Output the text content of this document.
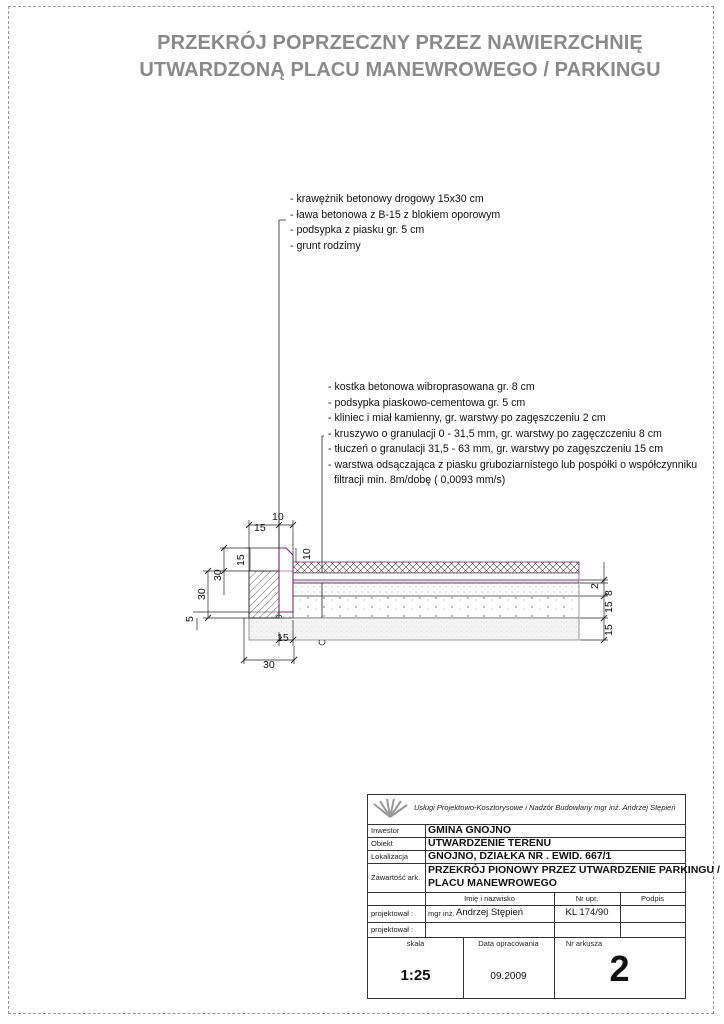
PRZEKRÓJ POPRZECZNY PRZEZ NAWIERZCHNIĘ
UTWARDZONĄ PLACU MANEWROWEGO / PARKINGU
- krawężnik betonowy drogowy 15x30 cm
- ława betonowa z B-15 z blokiem oporowym
- podsypka z piasku gr. 5 cm
- grunt rodzimy
- kostka betonowa wibroprasowana gr. 8 cm
- podsypka piaskowo-cementowa gr. 5 cm
- kliniec i miał kamienny, gr. warstwy po zagęszczeniu 2 cm
- kruszywo o granulacji 0 - 31,5 mm, gr. warstwy po zagęczczeniu 8 cm
- tłuczeń o granulacji 31,5 - 63 mm, gr. warstwy po zagęszczeniu 15 cm
- warstwa odsączająca z piasku gruboziarnistego lub pospółki o współczynniku
filtracji min. 8m/dobę ( 0,0093 mm/s)
15
10
15
30
30
5
10
15
30
2
8
15
15
Usługi Projektowo-Kosztorysowe i Nadzór Budowlany mgr inż. Andrzej Stępień
Inwestor	GMINA GNOJNO
Obiekt	UTWARDZENIE TERENU
Lokalizacja GNOJNO, DZIAŁKA NR . EWID. 667/1
Zawartość ark.
PRZEKRÓJ PIONOWY PRZEZ UTWARDZENIE PARKINGU /
PLACU MANEWROWEGO
Imię i nazwisko	Nr upr.	Podpis
projektował : mgr inż. Andrzej Stępień	KL 174/90
projektował :
skala
1:25
Data opracowania
09.2009
Nr arkusza
2
